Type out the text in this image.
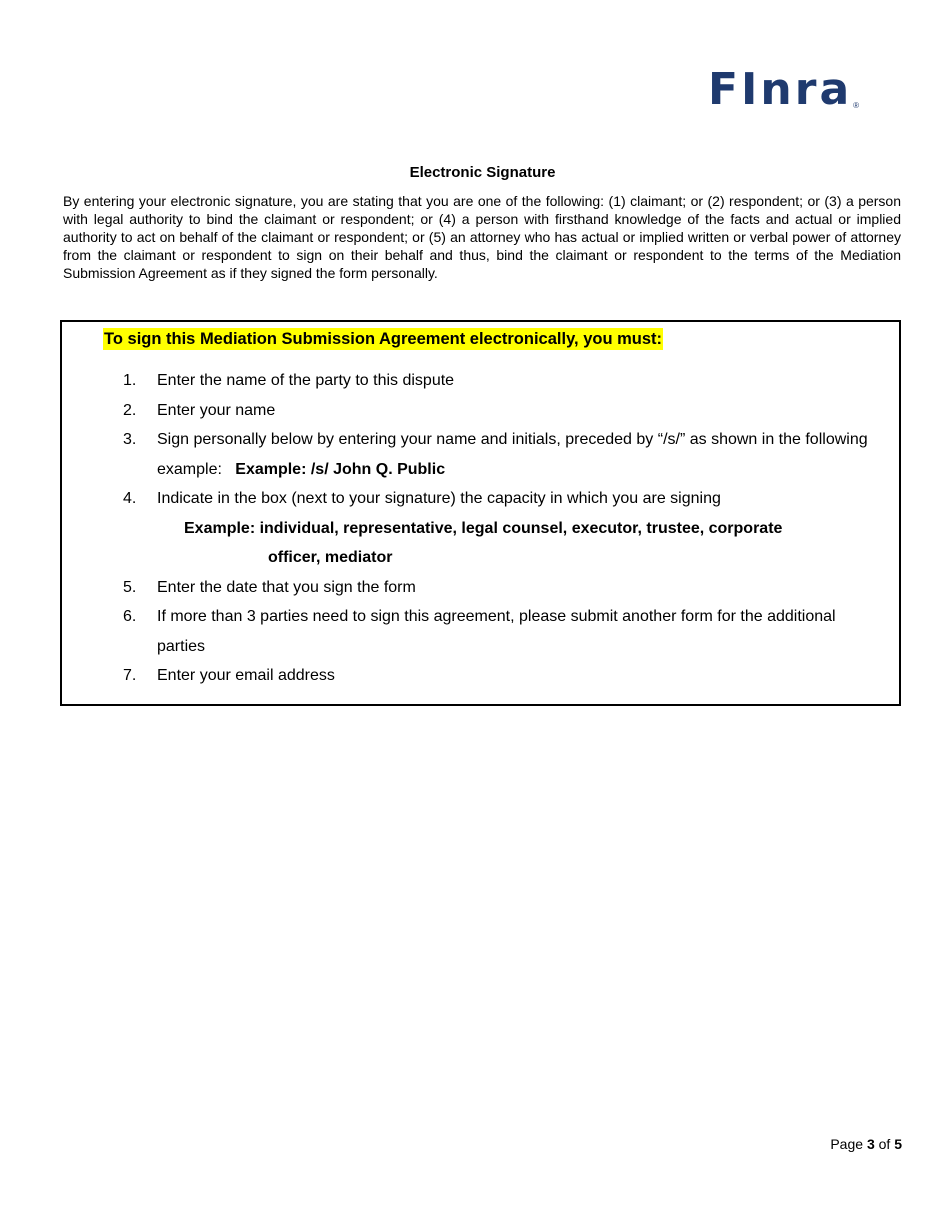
FInra ®
Electronic Signature
By entering your electronic signature, you are stating that you are one of the following: (1) claimant; or (2) respondent; or (3) a person with legal authority to bind the claimant or respondent; or (4) a person with firsthand knowledge of the facts and actual or implied authority to act on behalf of the claimant or respondent; or (5) an attorney who has actual or implied written or verbal power of attorney from the claimant or respondent to sign on their behalf and thus, bind the claimant or respondent to the terms of the Mediation Submission Agreement as if they signed the form personally.
To sign this Mediation Submission Agreement electronically, you must:
1. Enter the name of the party to this dispute
2. Enter your name
3. Sign personally below by entering your name and initials, preceded by “/s/” as shown in the following example: Example: /s/ John Q. Public
4. Indicate in the box (next to your signature) the capacity in which you are signing
Example: individual, representative, legal counsel, executor, trustee, corporate
officer, mediator
5. Enter the date that you sign the form
6. If more than 3 parties need to sign this agreement, please submit another form for the additional parties
7. Enter your email address
Page 3 of 5
